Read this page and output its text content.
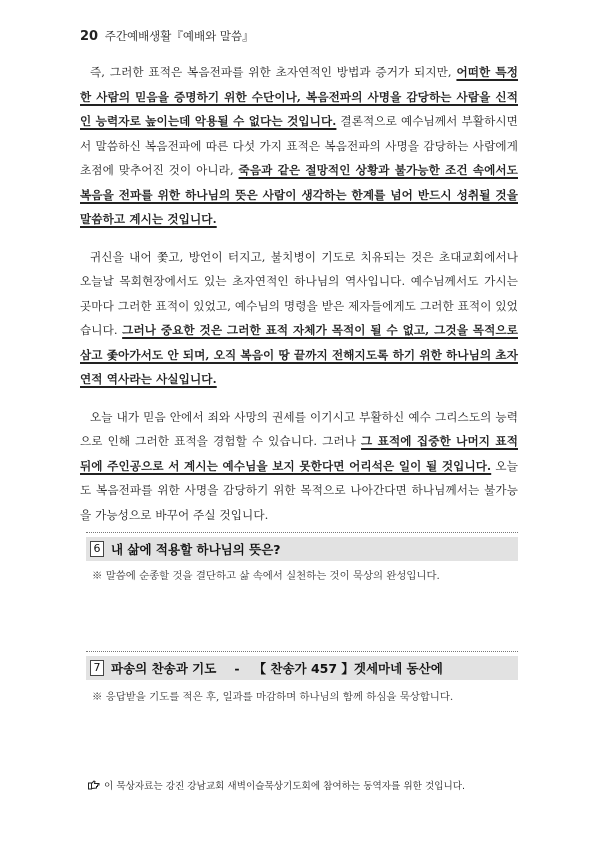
20 주간예배생활『예배와 말씀』

즉, 그러한 표적은 복음전파를 위한 초자연적인 방법과 증거가 되지만, 어떠한 특정한 사람의 믿음을 증명하기 위한 수단이나, 복음전파의 사명을 감당하는 사람을 신적인 능력자로 높이는데 악용될 수 없다는 것입니다. 결론적으로 예수님께서 부활하시면서 말씀하신 복음전파에 따른 다섯 가지 표적은 복음전파의 사명을 감당하는 사람에게 초점에 맞추어진 것이 아니라, 죽음과 같은 절망적인 상황과 불가능한 조건 속에서도 복음을 전파를 위한 하나님의 뜻은 사람이 생각하는 한계를 넘어 반드시 성취될 것을 말씀하고 계시는 것입니다.

귀신을 내어 쫓고, 방언이 터지고, 불치병이 기도로 치유되는 것은 초대교회에서나 오늘날 목회현장에서도 있는 초자연적인 하나님의 역사입니다. 예수님께서도 가시는 곳마다 그러한 표적이 있었고, 예수님의 명령을 받은 제자들에게도 그러한 표적이 있었습니다. 그러나 중요한 것은 그러한 표적 자체가 목적이 될 수 없고, 그것을 목적으로 삼고 좇아가서도 안 되며, 오직 복음이 땅 끝까지 전해지도록 하기 위한 하나님의 초자연적 역사라는 사실입니다.

오늘 내가 믿음 안에서 죄와 사망의 권세를 이기시고 부활하신 예수 그리스도의 능력으로 인해 그러한 표적을 경험할 수 있습니다. 그러나 그 표적에 집중한 나머지 표적 뒤에 주인공으로 서 계시는 예수님을 보지 못한다면 어리석은 일이 될 것입니다. 오늘도 복음전파를 위한 사명을 감당하기 위한 목적으로 나아간다면 하나님께서는 불가능을 가능성으로 바꾸어 주실 것입니다.

6 내 삶에 적용할 하나님의 뜻은?
※ 말씀에 순종할 것을 결단하고 삶 속에서 실천하는 것이 묵상의 완성입니다.
7 파송의 찬송과 기도 - 【 찬송가 457 】겟세마네 동산에
※ 응답받을 기도를 적은 후, 일과를 마감하며 하나님의 함께 하심을 묵상합니다.
이 묵상자료는 강진 강남교회 새벽이슬묵상기도회에 참여하는 동역자를 위한 것입니다.
